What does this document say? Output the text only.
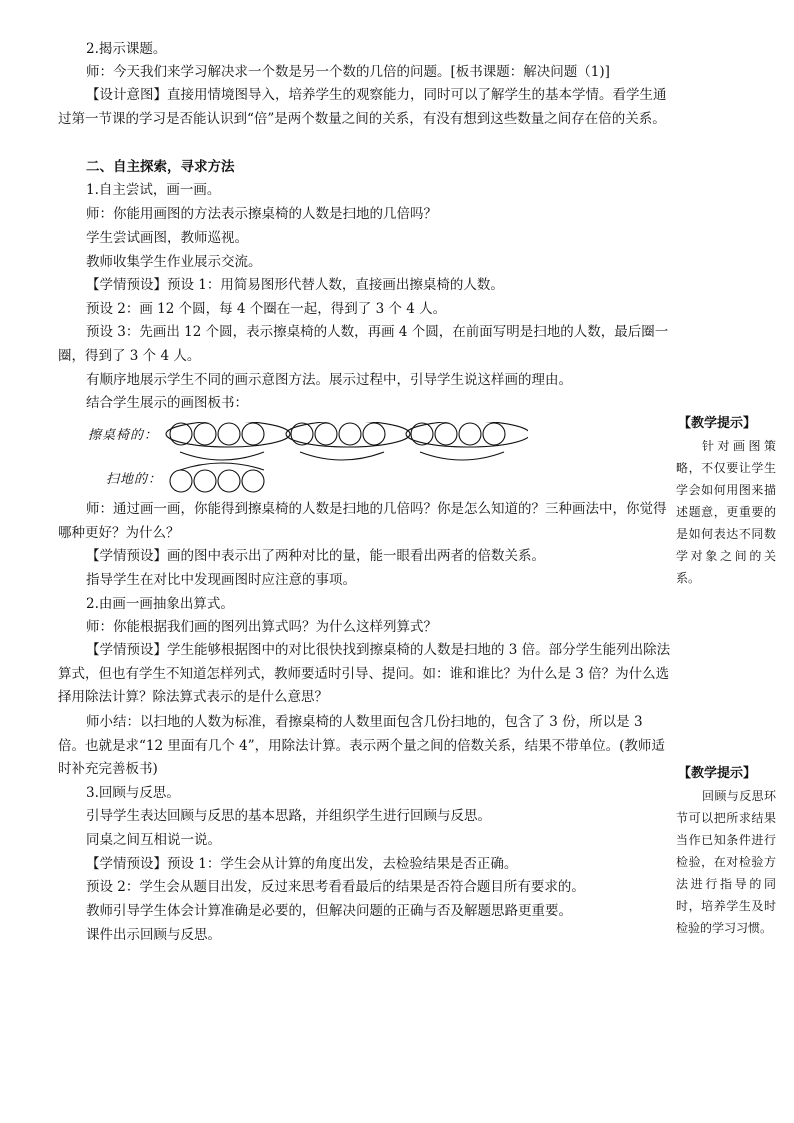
2.揭示课题。
师：今天我们来学习解决求一个数是另一个数的几倍的问题。[板书课题：解决问题（1)]
【设计意图】直接用情境图导入，培养学生的观察能力，同时可以了解学生的基本学情。看学生通过第一节课的学习是否能认识到“倍”是两个数量之间的关系，有没有想到这些数量之间存在倍的关系。
二、自主探索，寻求方法
1.自主尝试，画一画。
师：你能用画图的方法表示擦桌椅的人数是扫地的几倍吗？
学生尝试画图，教师巡视。
教师收集学生作业展示交流。
【学情预设】预设 1：用简易图形代替人数，直接画出擦桌椅的人数。
预设 2：画 12 个圆，每 4 个圈在一起，得到了 3 个 4 人。
预设 3：先画出 12 个圆，表示擦桌椅的人数，再画 4 个圆，在前面写明是扫地的人数，最后圈一圈，得到了 3 个 4 人。
有顺序地展示学生不同的画示意图方法。展示过程中，引导学生说这样画的理由。
结合学生展示的画图板书：
师：通过画一画，你能得到擦桌椅的人数是扫地的几倍吗？你是怎么知道的？三种画法中，你觉得哪种更好？为什么？
【学情预设】画的图中表示出了两种对比的量，能一眼看出两者的倍数关系。
指导学生在对比中发现画图时应注意的事项。
2.由画一画抽象出算式。
师：你能根据我们画的图列出算式吗？为什么这样列算式？
【学情预设】学生能够根据图中的对比很快找到擦桌椅的人数是扫地的 3 倍。部分学生能列出除法算式，但也有学生不知道怎样列式，教师要适时引导、提问。如：谁和谁比？为什么是 3 倍？为什么选择用除法计算？除法算式表示的是什么意思？
师小结：以扫地的人数为标准，看擦桌椅的人数里面包含几份扫地的，包含了 3 份，所以是 3 倍。也就是求“12 里面有几个 4”，用除法计算。表示两个量之间的倍数关系，结果不带单位。(教师适时补充完善板书)
3.回顾与反思。
引导学生表达回顾与反思的基本思路，并组织学生进行回顾与反思。
同桌之间互相说一说。
【学情预设】预设 1：学生会从计算的角度出发，去检验结果是否正确。
预设 2：学生会从题目出发，反过来思考看看最后的结果是否符合题目所有要求的。
教师引导学生体会计算准确是必要的，但解决问题的正确与否及解题思路更重要。
课件出示回顾与反思。
擦桌椅的：
扫地的：
【教学提示】
针对画图策略，不仅要让学生学会如何用图来描述题意，更重要的是如何表达不同数学对象之间的关系。
【教学提示】
回顾与反思环节可以把所求结果当作已知条件进行检验，在对检验方法进行指导的同时，培养学生及时检验的学习习惯。
